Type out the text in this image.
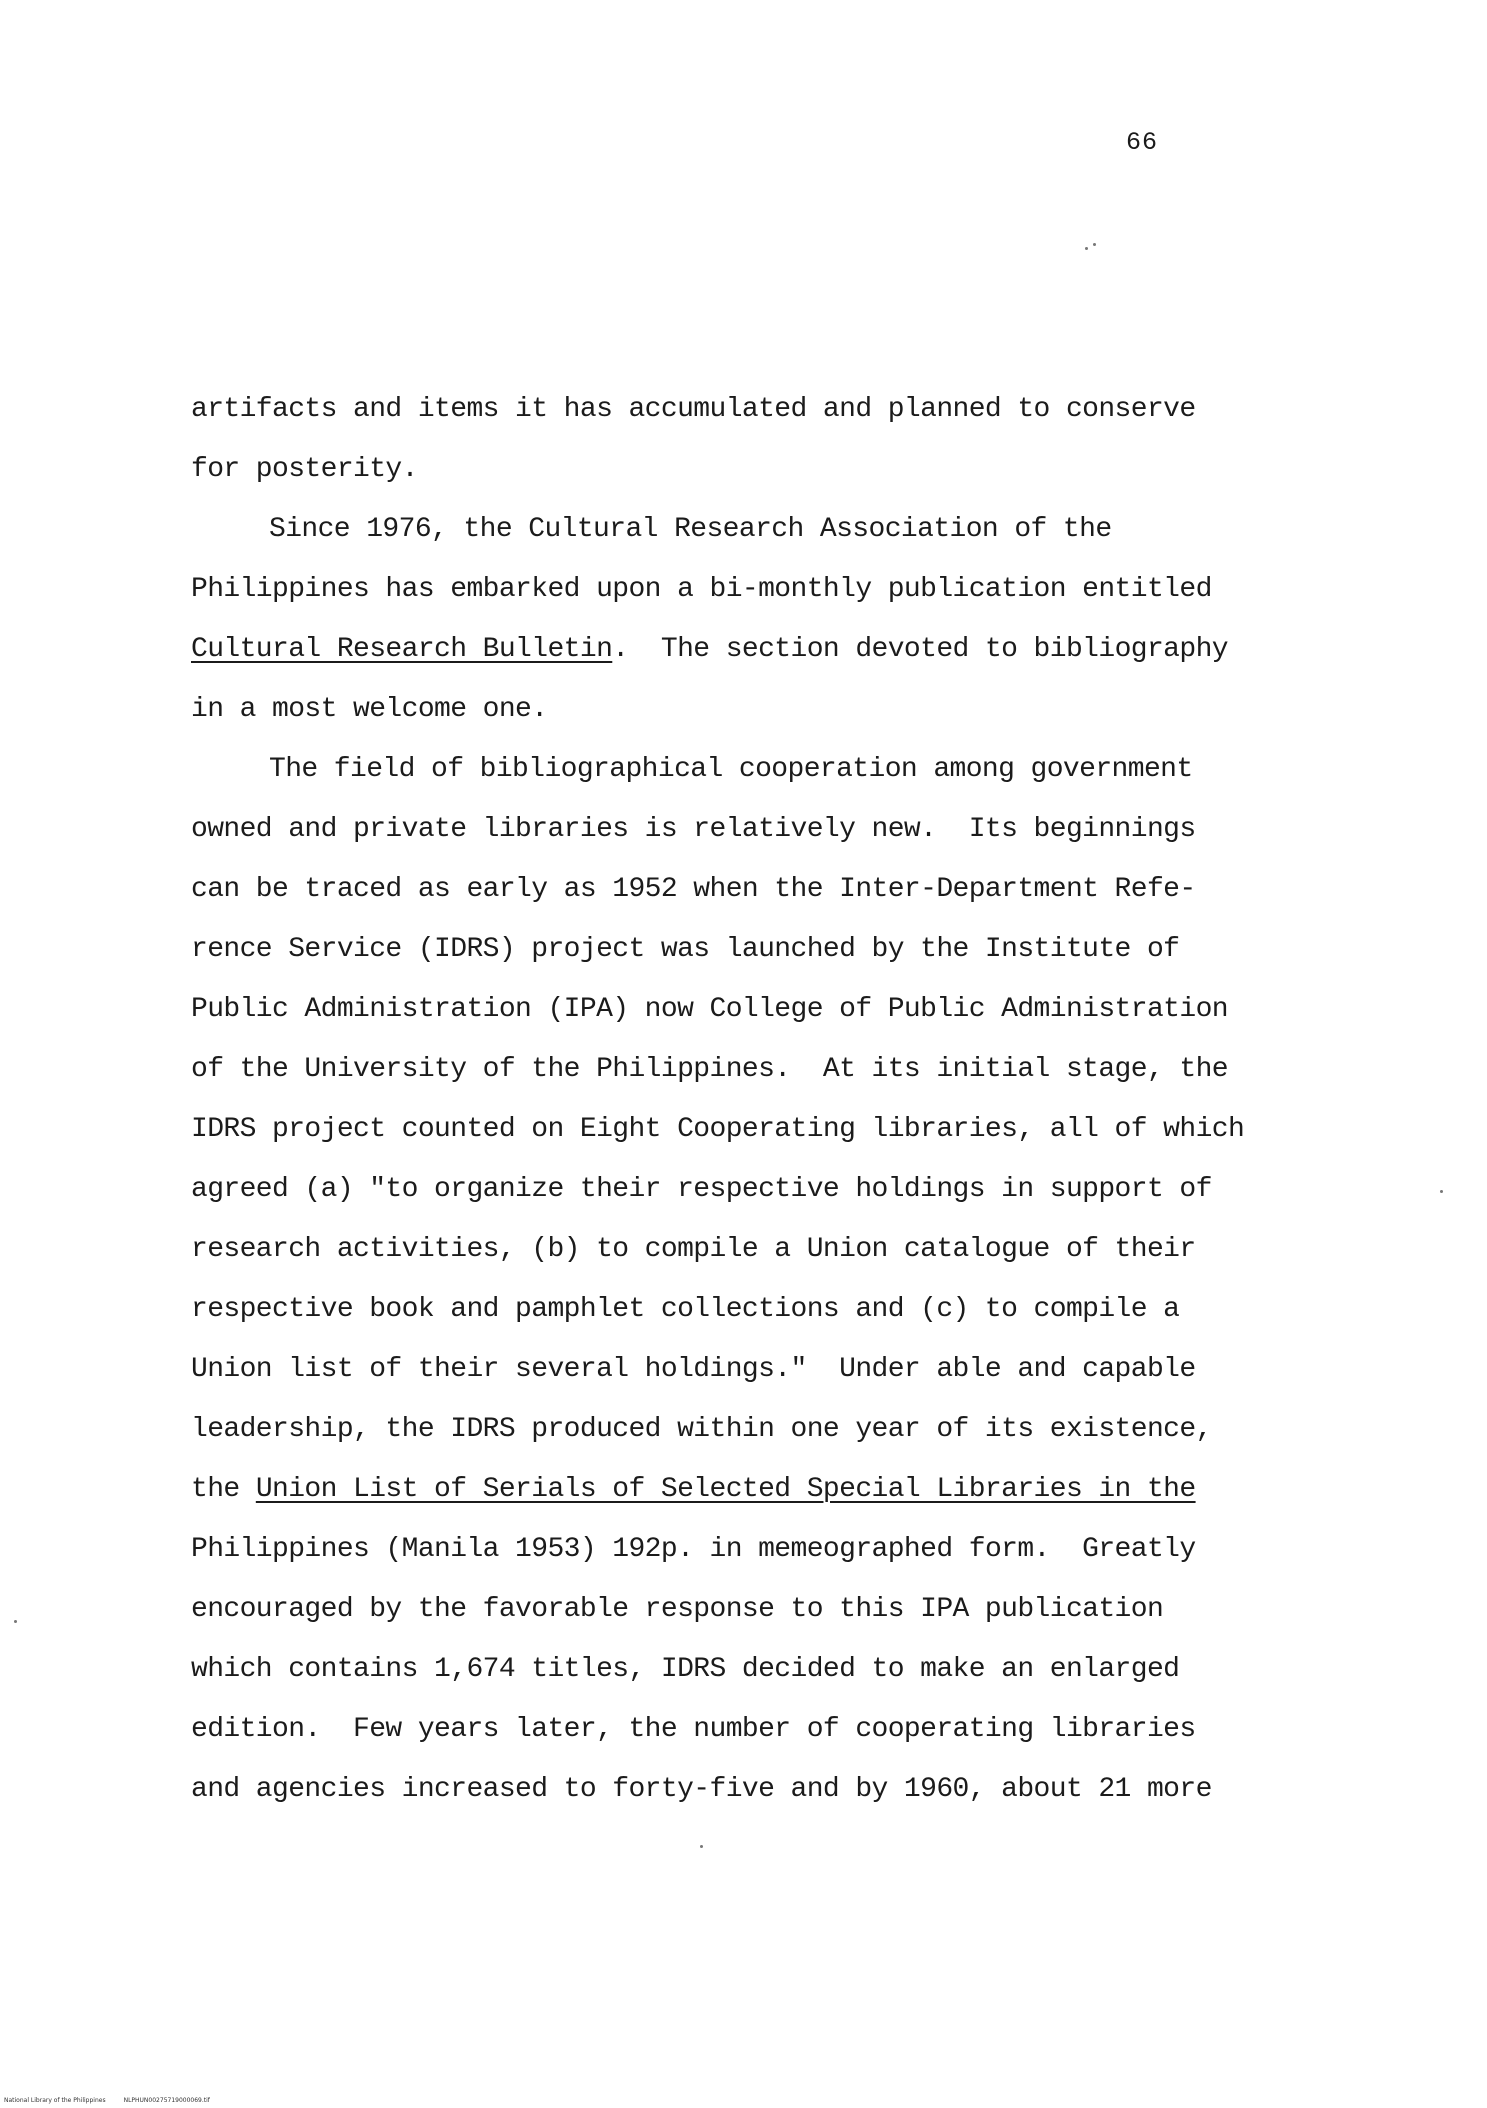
66
artifacts and items it has accumulated and planned to conserve
for posterity.
Since 1976, the Cultural Research Association of the
Philippines has embarked upon a bi-monthly publication entitled
Cultural Research Bulletin.  The section devoted to bibliography
in a most welcome one.
The field of bibliographical cooperation among government
owned and private libraries is relatively new.  Its beginnings
can be traced as early as 1952 when the Inter-Department Refe-
rence Service (IDRS) project was launched by the Institute of
Public Administration (IPA) now College of Public Administration
of the University of the Philippines.  At its initial stage, the
IDRS project counted on Eight Cooperating libraries, all of which
agreed (a) "to organize their respective holdings in support of
research activities, (b) to compile a Union catalogue of their
respective book and pamphlet collections and (c) to compile a
Union list of their several holdings."  Under able and capable
leadership, the IDRS produced within one year of its existence,
the Union List of Serials of Selected Special Libraries in the
Philippines (Manila 1953) 192p. in memeographed form.  Greatly
encouraged by the favorable response to this IPA publication
which contains 1,674 titles, IDRS decided to make an enlarged
edition.  Few years later, the number of cooperating libraries
and agencies increased to forty-five and by 1960, about 21 more
National Library of the Philippines	NLPHUN00275719000069.tif
